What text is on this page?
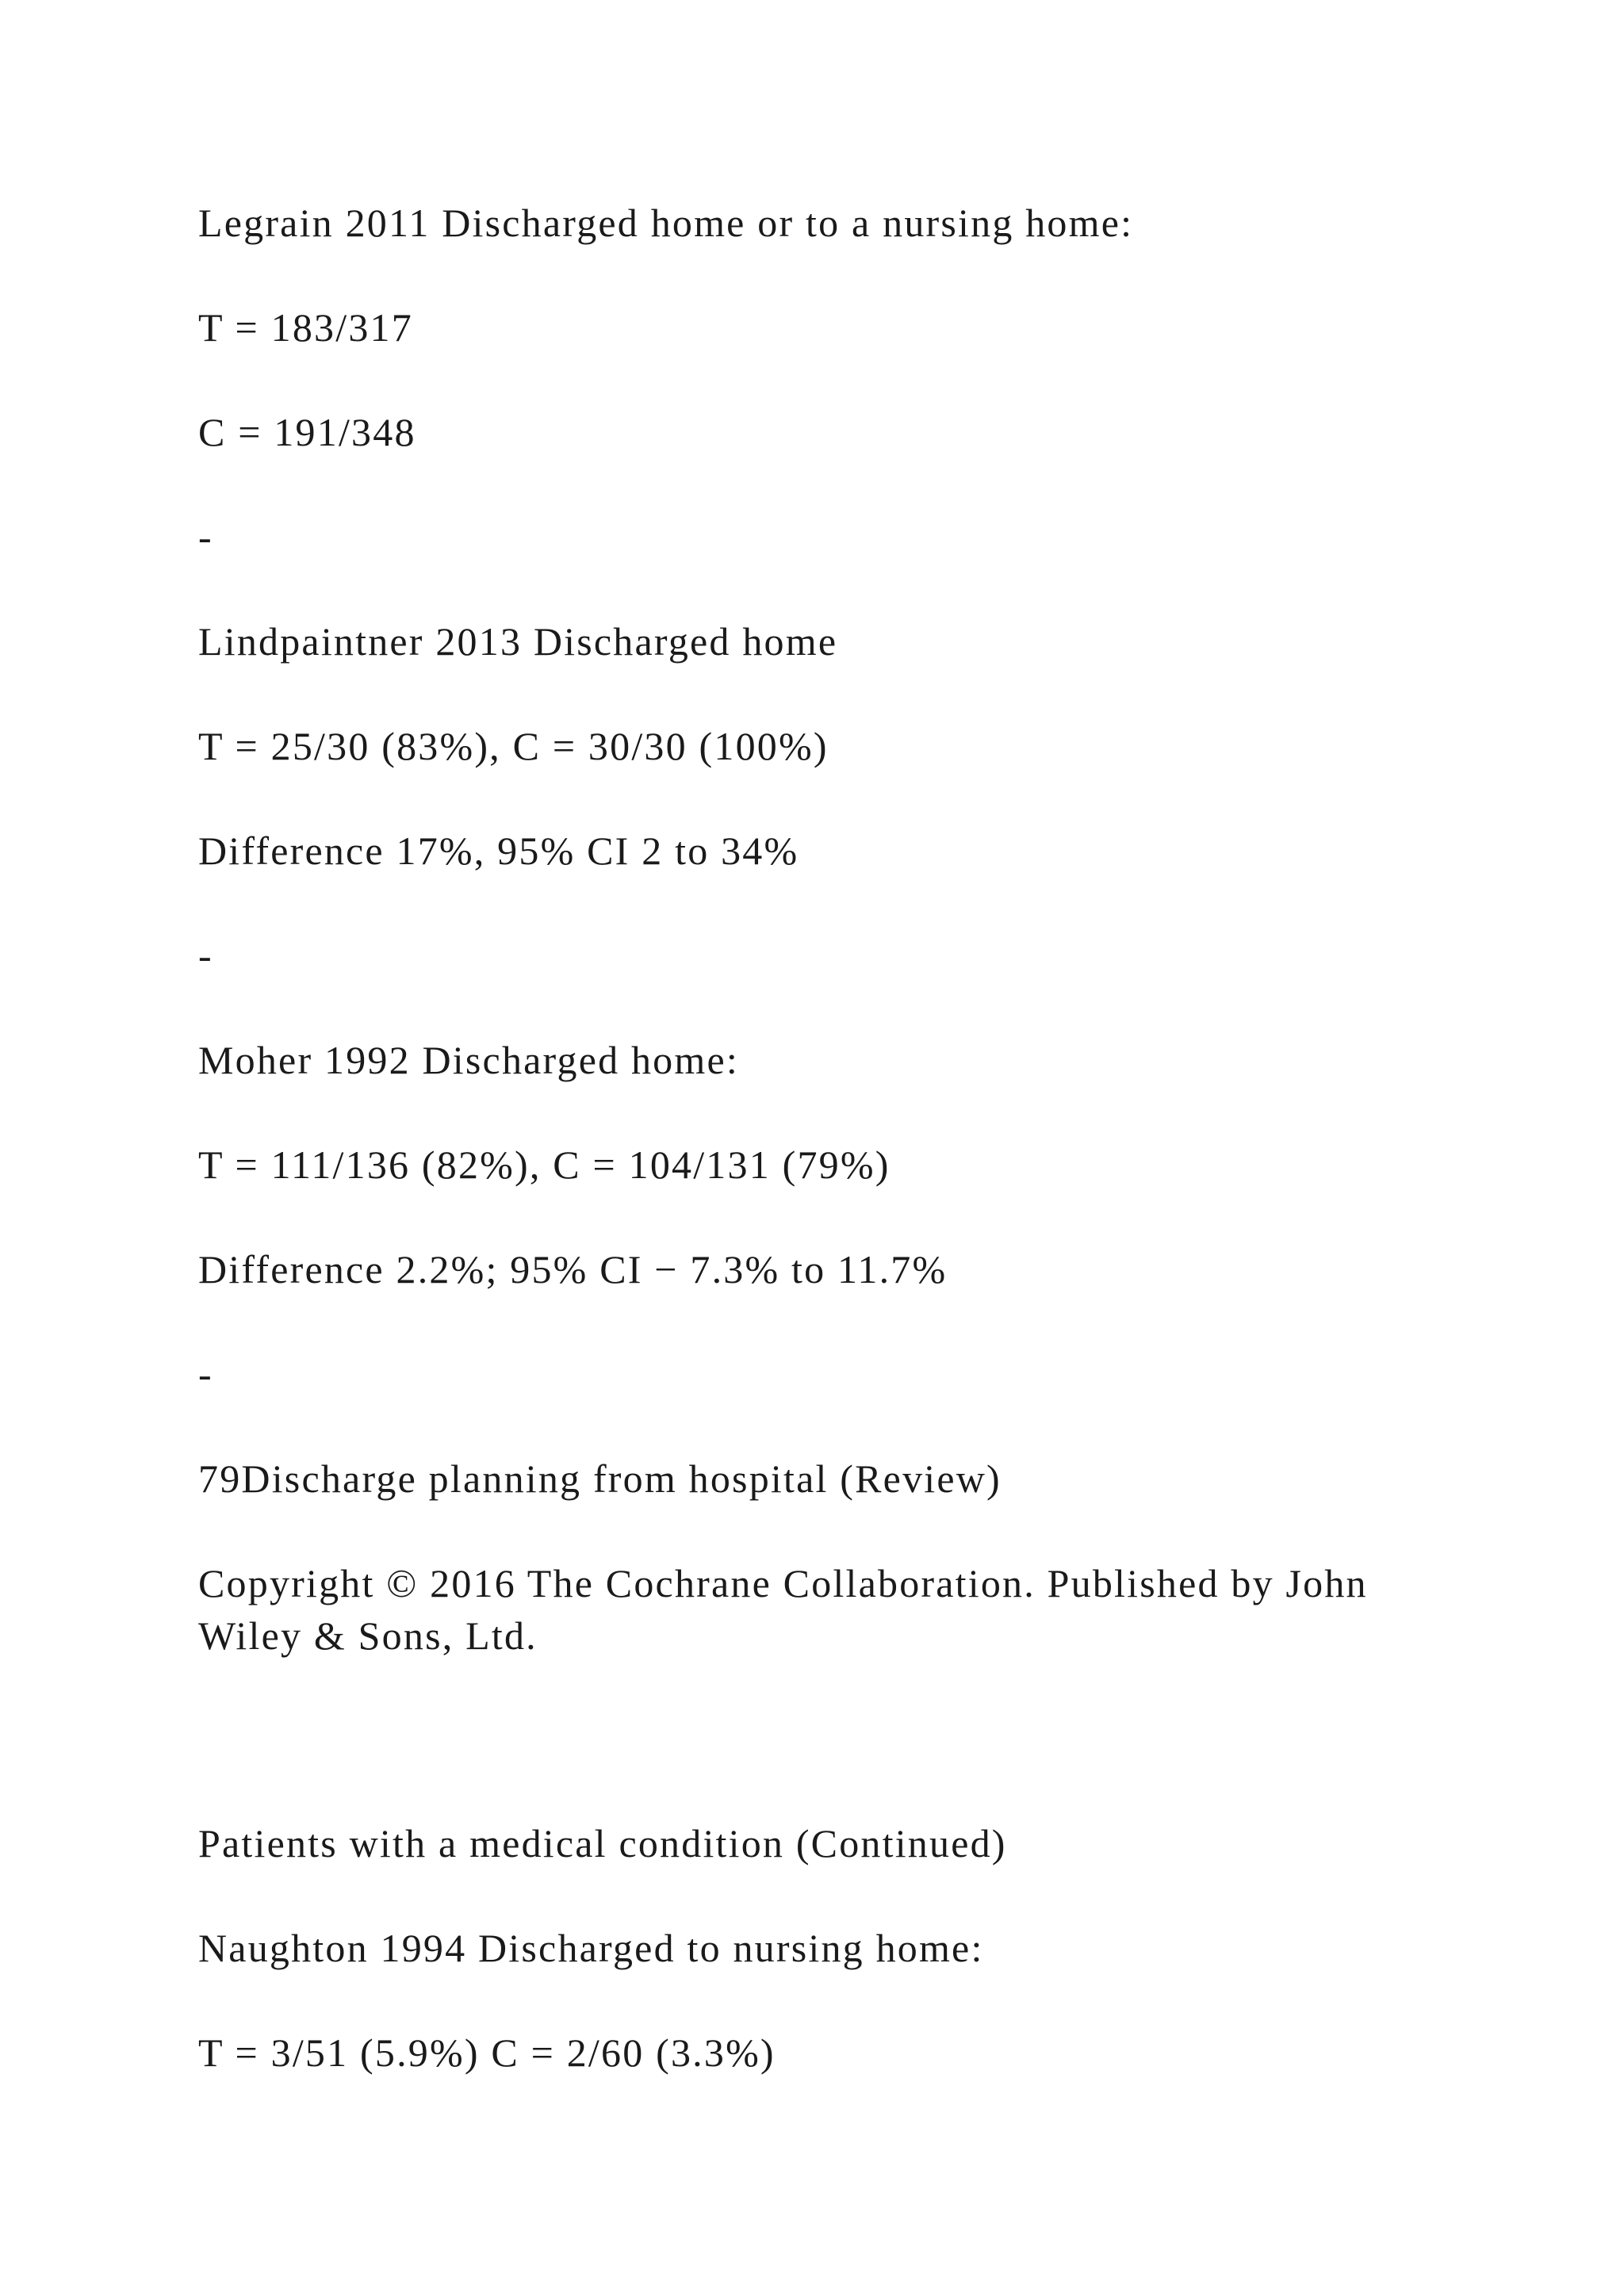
Legrain 2011 Discharged home or to a nursing home:

T = 183/317

C = 191/348

-

Lindpaintner 2013 Discharged home

T = 25/30 (83%), C = 30/30 (100%)

Difference 17%, 95% CI 2 to 34%

-

Moher 1992 Discharged home:

T = 111/136 (82%), C = 104/131 (79%)

Difference 2.2%; 95% CI − 7.3% to 11.7%

-

79Discharge planning from hospital (Review)

Copyright © 2016 The Cochrane Collaboration. Published by John Wiley & Sons, Ltd.

Patients with a medical condition (Continued)

Naughton 1994 Discharged to nursing home:

T = 3/51 (5.9%) C = 2/60 (3.3%)
